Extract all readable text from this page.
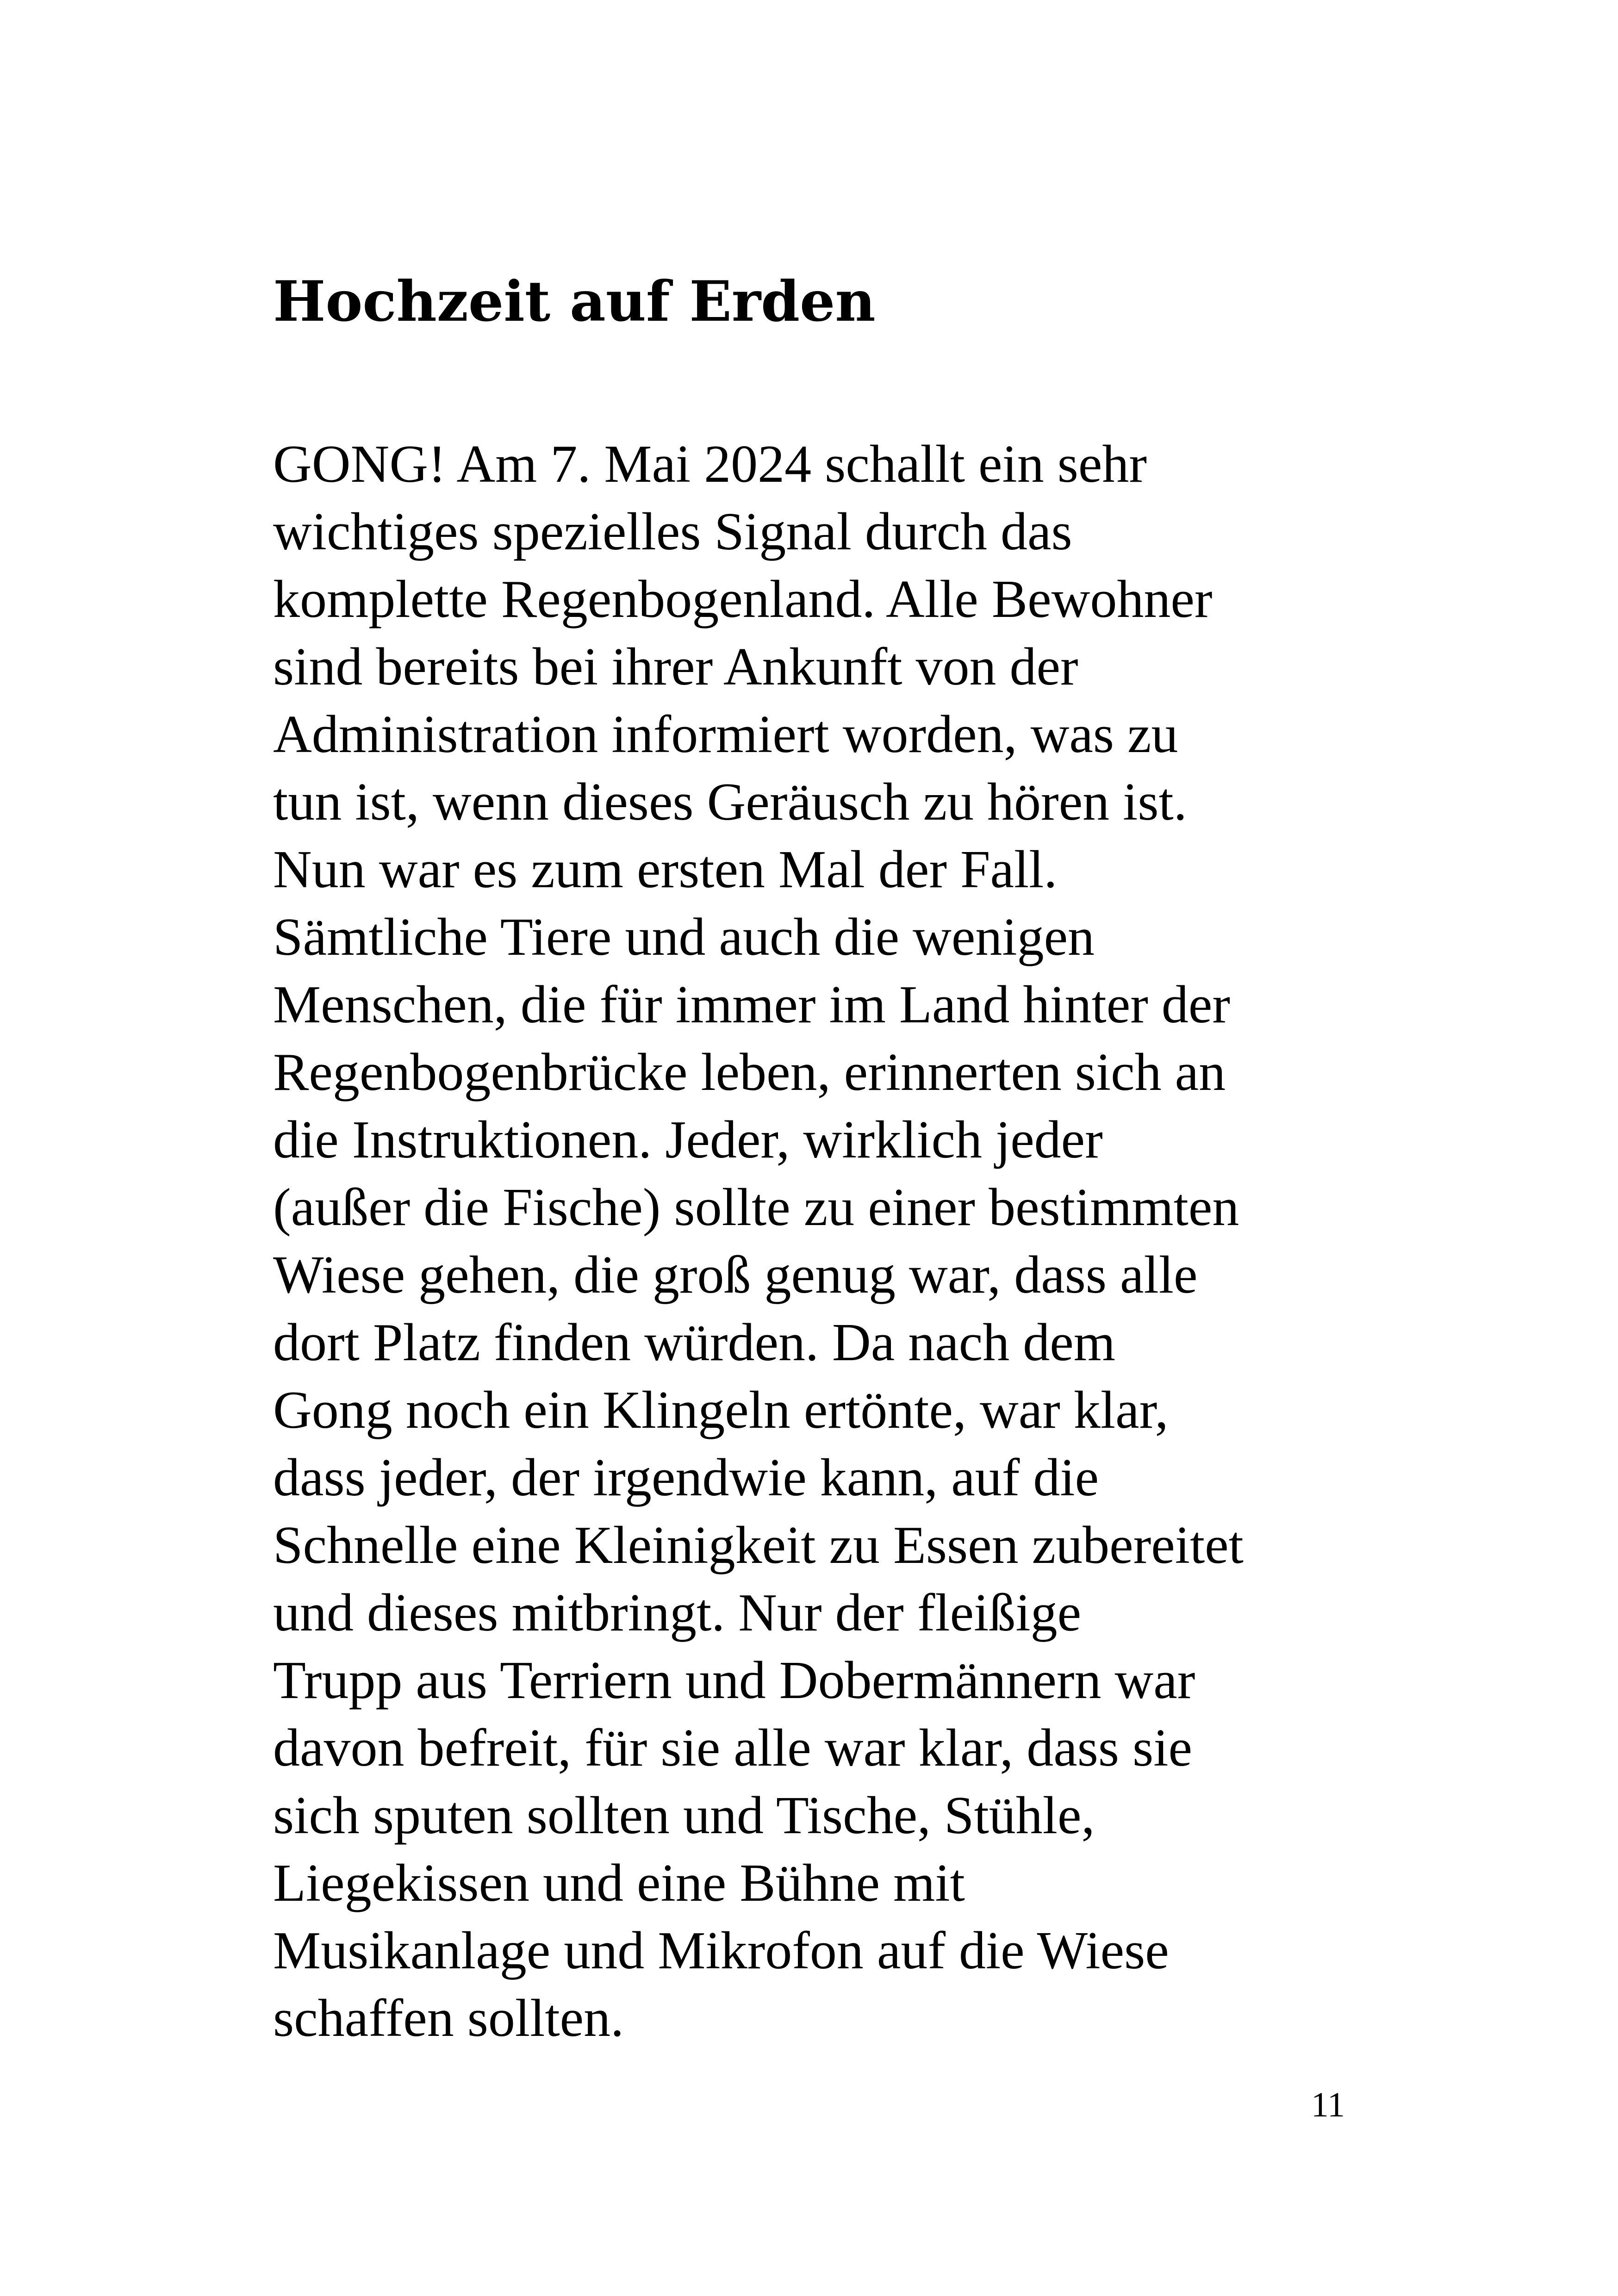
Hochzeit auf Erden
GONG! Am 7. Mai 2024 schallt ein sehr
wichtiges spezielles Signal durch das
komplette Regenbogenland. Alle Bewohner
sind bereits bei ihrer Ankunft von der
Administration informiert worden, was zu
tun ist, wenn dieses Geräusch zu hören ist.
Nun war es zum ersten Mal der Fall.
Sämtliche Tiere und auch die wenigen
Menschen, die für immer im Land hinter der
Regenbogenbrücke leben, erinnerten sich an
die Instruktionen. Jeder, wirklich jeder
(außer die Fische) sollte zu einer bestimmten
Wiese gehen, die groß genug war, dass alle
dort Platz finden würden. Da nach dem
Gong noch ein Klingeln ertönte, war klar,
dass jeder, der irgendwie kann, auf die
Schnelle eine Kleinigkeit zu Essen zubereitet
und dieses mitbringt. Nur der fleißige
Trupp aus Terriern und Dobermännern war
davon befreit, für sie alle war klar, dass sie
sich sputen sollten und Tische, Stühle,
Liegekissen und eine Bühne mit
Musikanlage und Mikrofon auf die Wiese
schaffen sollten.
11
